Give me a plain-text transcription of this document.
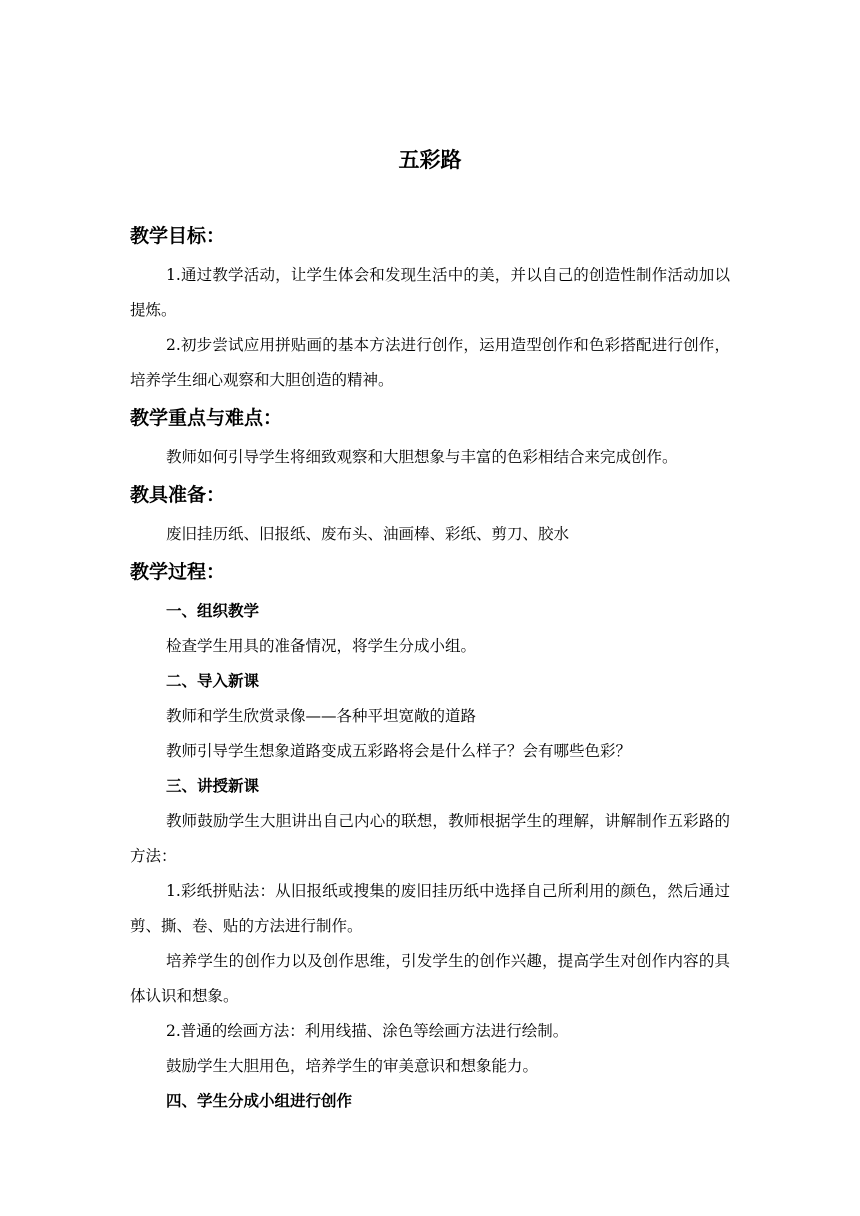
五彩路
教学目标：

1.通过教学活动，让学生体会和发现生活中的美，并以自己的创造性制作活动加以提炼。

2.初步尝试应用拼贴画的基本方法进行创作，运用造型创作和色彩搭配进行创作，培养学生细心观察和大胆创造的精神。

教学重点与难点：

教师如何引导学生将细致观察和大胆想象与丰富的色彩相结合来完成创作。

教具准备：

废旧挂历纸、旧报纸、废布头、油画棒、彩纸、剪刀、胶水

教学过程：

一、组织教学

检查学生用具的准备情况，将学生分成小组。

二、导入新课

教师和学生欣赏录像——各种平坦宽敞的道路

教师引导学生想象道路变成五彩路将会是什么样子？会有哪些色彩？

三、讲授新课

教师鼓励学生大胆讲出自己内心的联想，教师根据学生的理解，讲解制作五彩路的方法：

1.彩纸拼贴法：从旧报纸或搜集的废旧挂历纸中选择自己所利用的颜色，然后通过剪、撕、卷、贴的方法进行制作。

培养学生的创作力以及创作思维，引发学生的创作兴趣，提高学生对创作内容的具体认识和想象。

2.普通的绘画方法：利用线描、涂色等绘画方法进行绘制。

鼓励学生大胆用色，培养学生的审美意识和想象能力。

四、学生分成小组进行创作
